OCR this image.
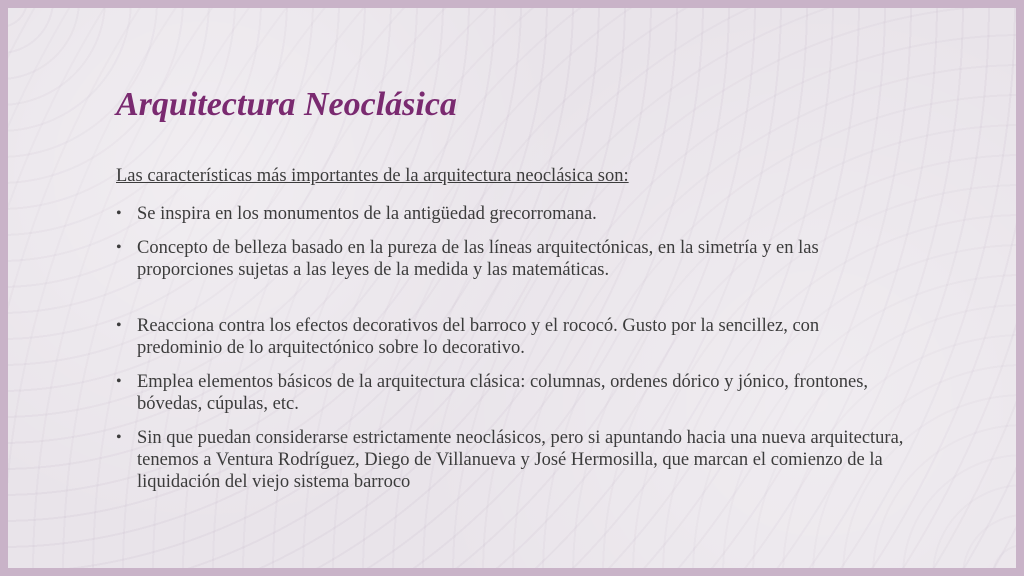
Arquitectura Neoclásica

Las características más importantes de la arquitectura neoclásica son:

• Se inspira en los monumentos de la antigüedad grecorromana.
• Concepto de belleza basado en la pureza de las líneas arquitectónicas, en la simetría y en las proporciones sujetas a las leyes de la medida y las matemáticas.
• Reacciona contra los efectos decorativos del barroco y el rococó. Gusto por la sencillez, con predominio de lo arquitectónico sobre lo decorativo.
• Emplea elementos básicos de la arquitectura clásica: columnas, ordenes dórico y jónico, frontones, bóvedas, cúpulas, etc.
• Sin que puedan considerarse estrictamente neoclásicos, pero si apuntando hacia una nueva arquitectura, tenemos a Ventura Rodríguez, Diego de Villanueva y José Hermosilla, que marcan el comienzo de la liquidación del viejo sistema barroco
